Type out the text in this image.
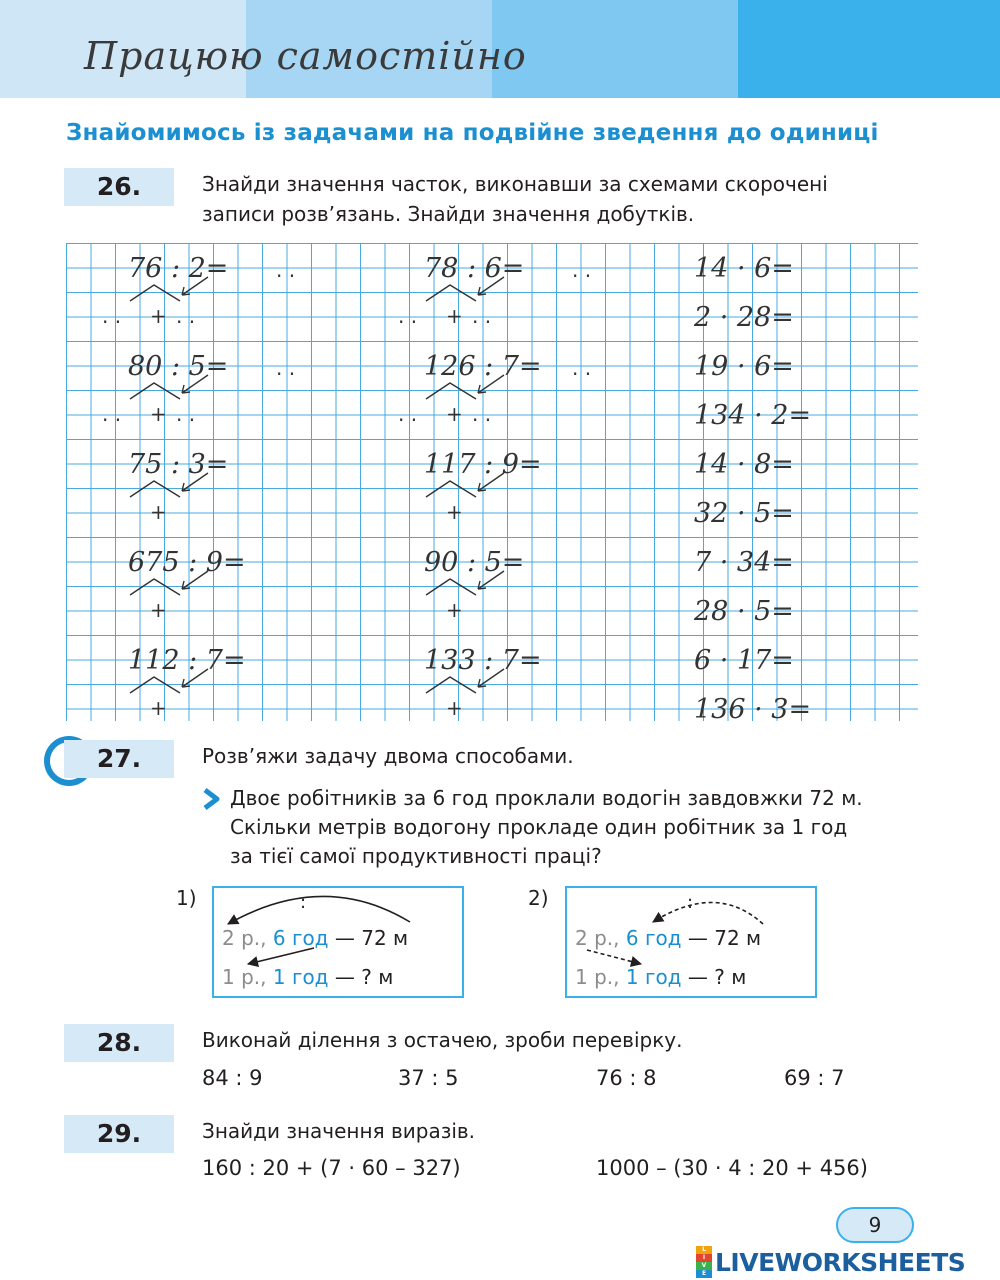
Працюю самостійно
Знайомимось із задачами на подвійне зведення до одиниці
26.	Знайди значення часток, виконавши за схемами скорочені
записи розв’язань. Знайди значення добутків.
76 : 2= . .
. . + . .
80 : 5= . .
. . + . .
75 : 3=
+
675 : 9=
+
112 : 7=
+
78 : 6= . .
. . + . .
126 : 7= . .
. . + . .
117 : 9=
+
90 : 5=
+
133 : 7=
+
14 · 6=
2 · 28=
19 · 6=
134 · 2=
14 · 8=
32 · 5=
7 · 34=
28 · 5=
6 · 17=
136 · 3=
27.	Розв’яжи задачу двома способами.
Двоє робітників за 6 год проклали водогін завдовжки 72 м.
Скільки метрів водогону прокладе один робітник за 1 год
за тієї самої продуктивності праці?
1)	:
2 р., 6 год — 72 м
1 р., 1 год — ? м
2)	:
2 р., 6 год — 72 м
1 р., 1 год — ? м
28.	Виконай ділення з остачею, зроби перевірку.
84 : 9	37 : 5	76 : 8	69 : 7
29.	Знайди значення виразів.
160 : 20 + (7 · 60 – 327)	1000 – (30 · 4 : 20 + 456)
9
L
I
V
E LIVEWORKSHEETS
